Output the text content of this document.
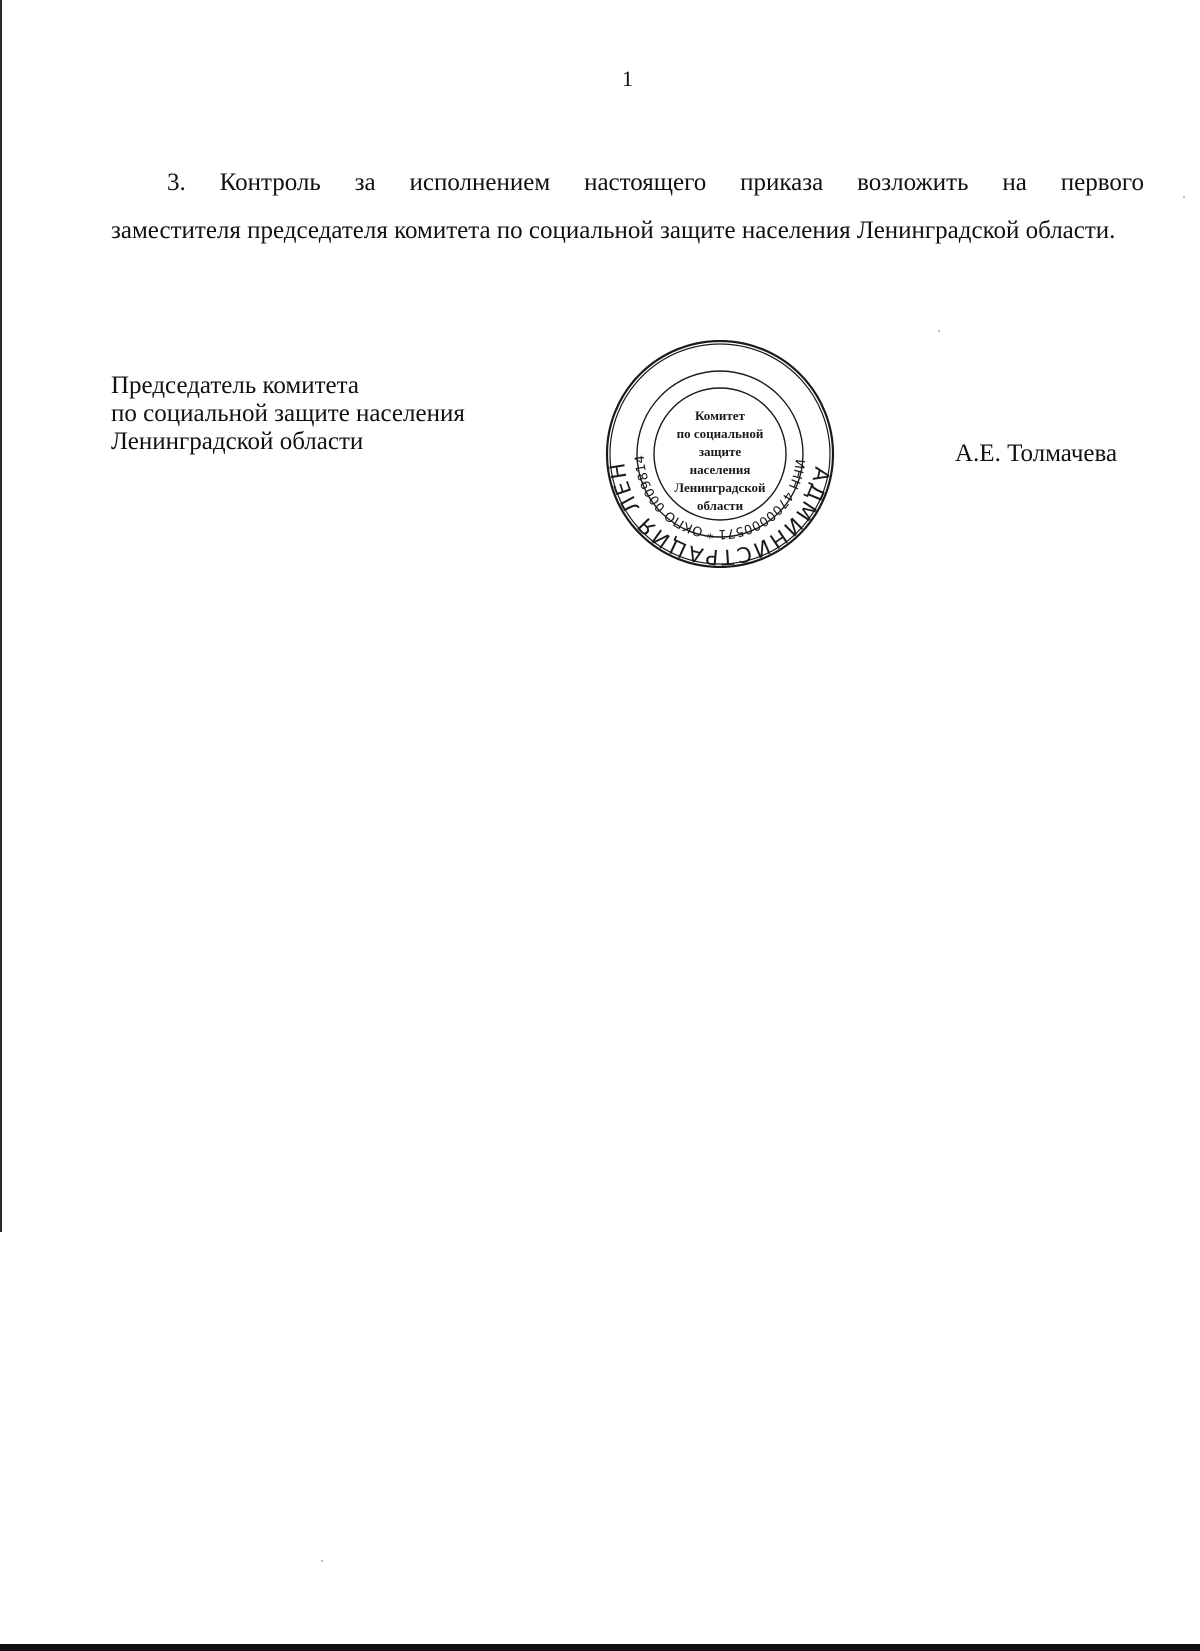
1
3. Контроль за исполнением настоящего приказа возложить на первого
заместителя председателя комитета по социальной защите населения Ленинградской области.
Председатель комитета
по социальной защите населения
Ленинградской области	А.Е. Толмачева
АДМИНИСТРАЦИЯ ЛЕН	ИНН 4700000571 * ОКПО 0009814
Комитет
по социальной
защите
населения
Ленинградской
области
